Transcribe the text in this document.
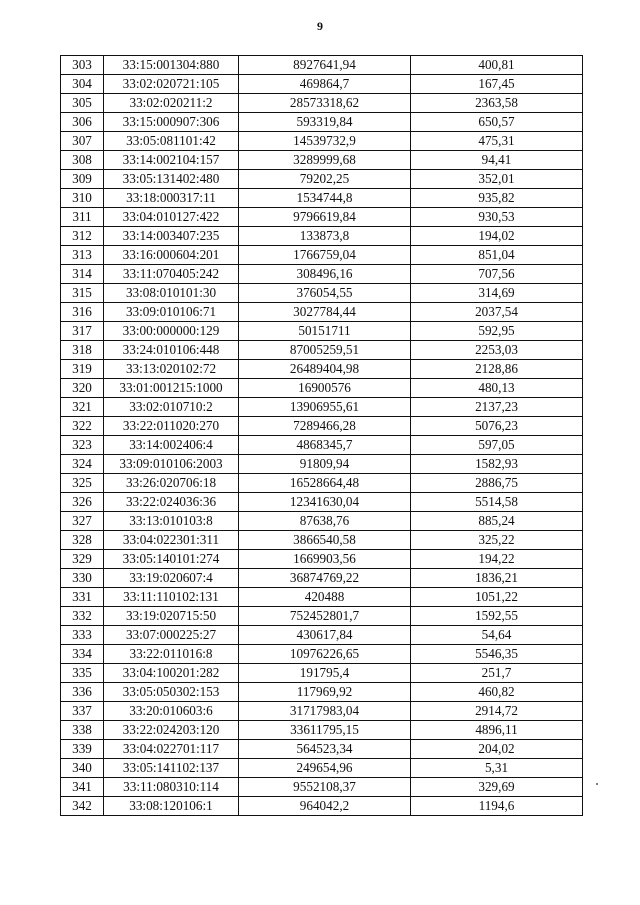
9
303	33:15:001304:880	8927641,94	400,81
304	33:02:020721:105	469864,7	167,45
305	33:02:020211:2	28573318,62	2363,58
306	33:15:000907:306	593319,84	650,57
307	33:05:081101:42	14539732,9	475,31
308	33:14:002104:157	3289999,68	94,41
309	33:05:131402:480	79202,25	352,01
310	33:18:000317:11	1534744,8	935,82
311	33:04:010127:422	9796619,84	930,53
312	33:14:003407:235	133873,8	194,02
313	33:16:000604:201	1766759,04	851,04
314	33:11:070405:242	308496,16	707,56
315	33:08:010101:30	376054,55	314,69
316	33:09:010106:71	3027784,44	2037,54
317	33:00:000000:129	50151711	592,95
318	33:24:010106:448	87005259,51	2253,03
319	33:13:020102:72	26489404,98	2128,86
320	33:01:001215:1000	16900576	480,13
321	33:02:010710:2	13906955,61	2137,23
322	33:22:011020:270	7289466,28	5076,23
323	33:14:002406:4	4868345,7	597,05
324	33:09:010106:2003	91809,94	1582,93
325	33:26:020706:18	16528664,48	2886,75
326	33:22:024036:36	12341630,04	5514,58
327	33:13:010103:8	87638,76	885,24
328	33:04:022301:311	3866540,58	325,22
329	33:05:140101:274	1669903,56	194,22
330	33:19:020607:4	36874769,22	1836,21
331	33:11:110102:131	420488	1051,22
332	33:19:020715:50	752452801,7	1592,55
333	33:07:000225:27	430617,84	54,64
334	33:22:011016:8	10976226,65	5546,35
335	33:04:100201:282	191795,4	251,7
336	33:05:050302:153	117969,92	460,82
337	33:20:010603:6	31717983,04	2914,72
338	33:22:024203:120	33611795,15	4896,11
339	33:04:022701:117	564523,34	204,02
340	33:05:141102:137	249654,96	5,31
341	33:11:080310:114	9552108,37	329,69
342	33:08:120106:1	964042,2	1194,6
